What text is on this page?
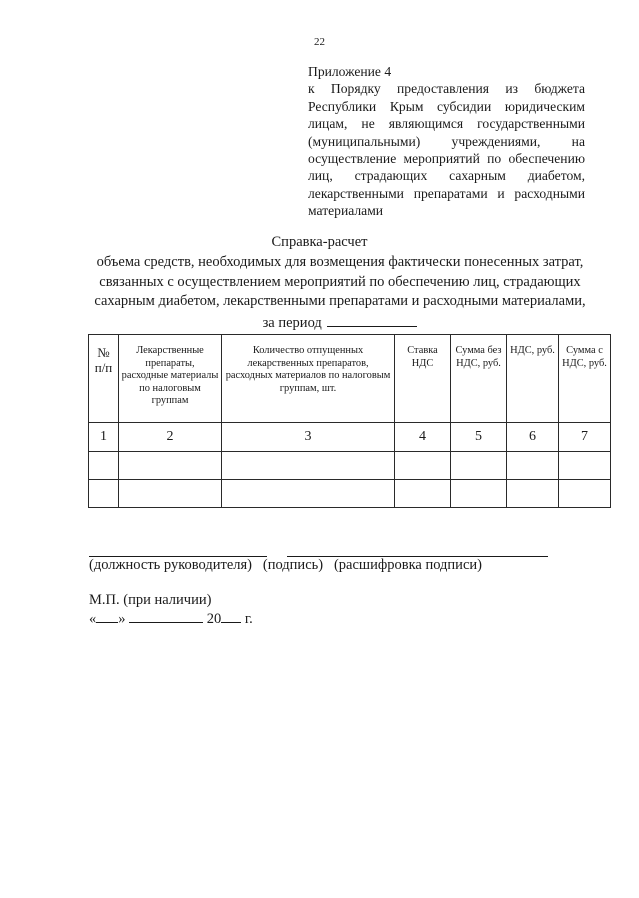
22
Приложение 4
к Порядку предоставления из бюджета Республики Крым субсидии юридическим лицам, не являющимся государственными (муниципальными) учреждениями, на осуществление мероприятий по обеспечению лиц, страдающих сахарным диабетом, лекарственными препаратами и расходными материалами
Справка-расчет
объема средств, необходимых для возмещения фактически понесенных затрат, связанных с осуществлением мероприятий по обеспечению лиц, страдающих сахарным диабетом, лекарственными препаратами и расходными материалами, за период
№ п/п	Лекарственные препараты, расходные материалы по налоговым группам	Количество отпущенных лекарственных препаратов, расходных материалов по налоговым группам, шт.	Ставка НДС	Сумма без НДС, руб.	НДС, руб.	Сумма с НДС, руб.
1	2	3	4	5	6	7

(должность руководителя) (подпись) (расшифровка подписи)
М.П. (при наличии)
« »	20 г.
